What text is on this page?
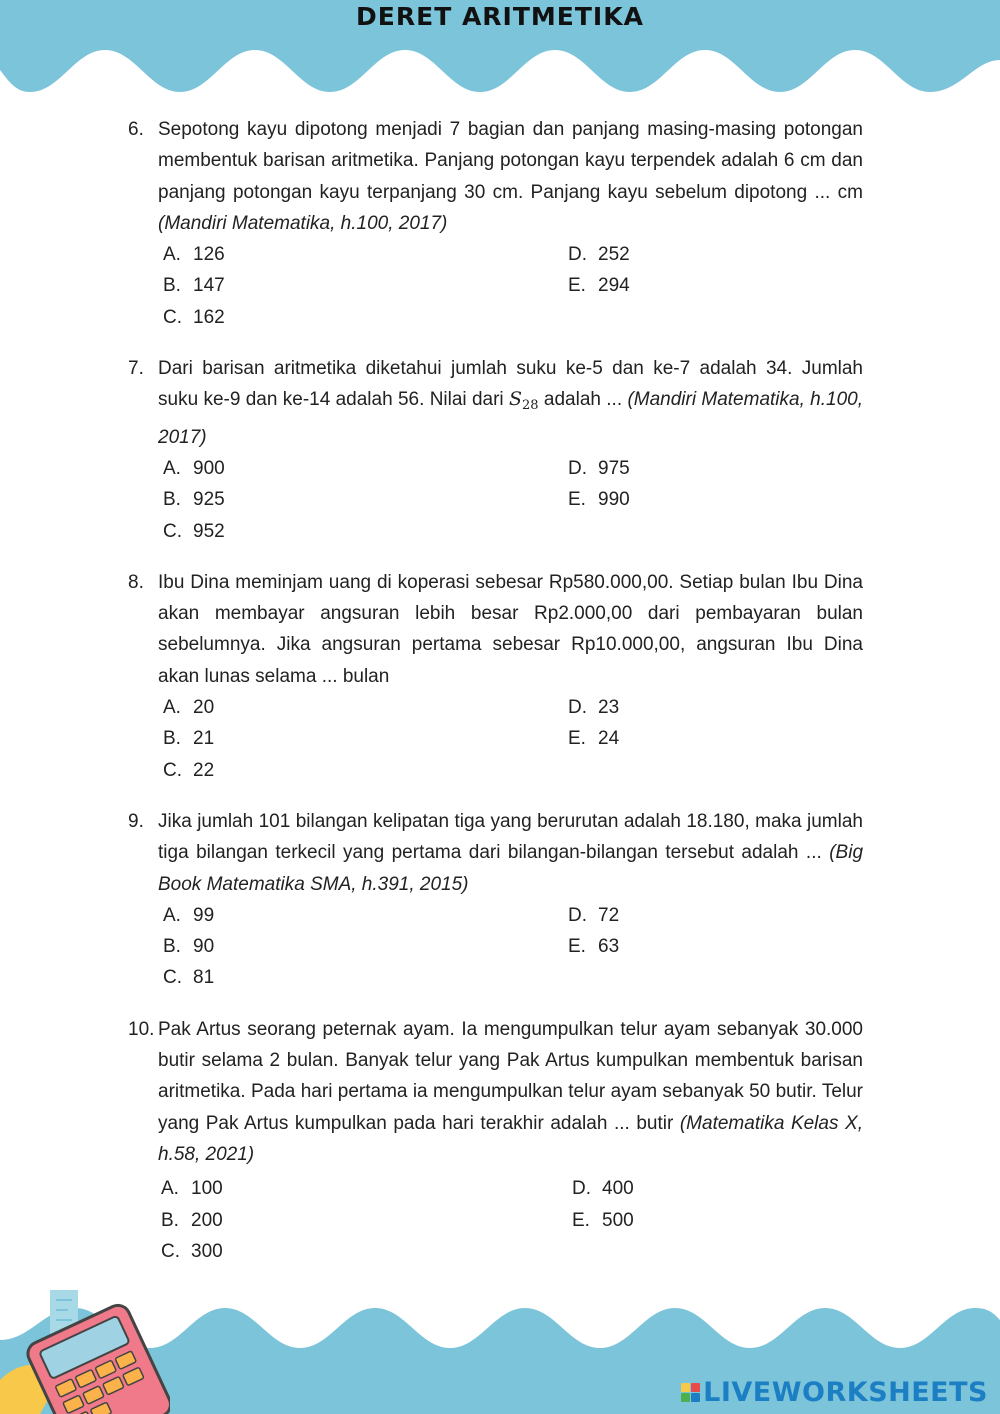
DERET ARITMETIKA
6. Sepotong kayu dipotong menjadi 7 bagian dan panjang masing-masing potongan membentuk barisan aritmetika. Panjang potongan kayu terpendek adalah 6 cm dan panjang potongan kayu terpanjang 30 cm. Panjang kayu sebelum dipotong ... cm (Mandiri Matematika, h.100, 2017)
A. 126
B. 147
C. 162
D. 252
E. 294
7. Dari barisan aritmetika diketahui jumlah suku ke-5 dan ke-7 adalah 34. Jumlah suku ke-9 dan ke-14 adalah 56. Nilai dari $S_{28}$ adalah ... (Mandiri Matematika, h.100, 2017)
A. 900
B. 925
C. 952
D. 975
E. 990
8. Ibu Dina meminjam uang di koperasi sebesar Rp580.000,00. Setiap bulan Ibu Dina akan membayar angsuran lebih besar Rp2.000,00 dari pembayaran bulan sebelumnya. Jika angsuran pertama sebesar Rp10.000,00, angsuran Ibu Dina akan lunas selama ... bulan
A. 20
B. 21
C. 22
D. 23
E. 24
9. Jika jumlah 101 bilangan kelipatan tiga yang berurutan adalah 18.180, maka jumlah tiga bilangan terkecil yang pertama dari bilangan-bilangan tersebut adalah ... (Big Book Matematika SMA, h.391, 2015)
A. 99
B. 90
C. 81
D. 72
E. 63
10. Pak Artus seorang peternak ayam. Ia mengumpulkan telur ayam sebanyak 30.000 butir selama 2 bulan. Banyak telur yang Pak Artus kumpulkan membentuk barisan aritmetika. Pada hari pertama ia mengumpulkan telur ayam sebanyak 50 butir. Telur yang Pak Artus kumpulkan pada hari terakhir adalah ... butir (Matematika Kelas X, h.58, 2021)
A. 100
B. 200
C. 300
D. 400
E. 500
LIVEWORKSHEETS
